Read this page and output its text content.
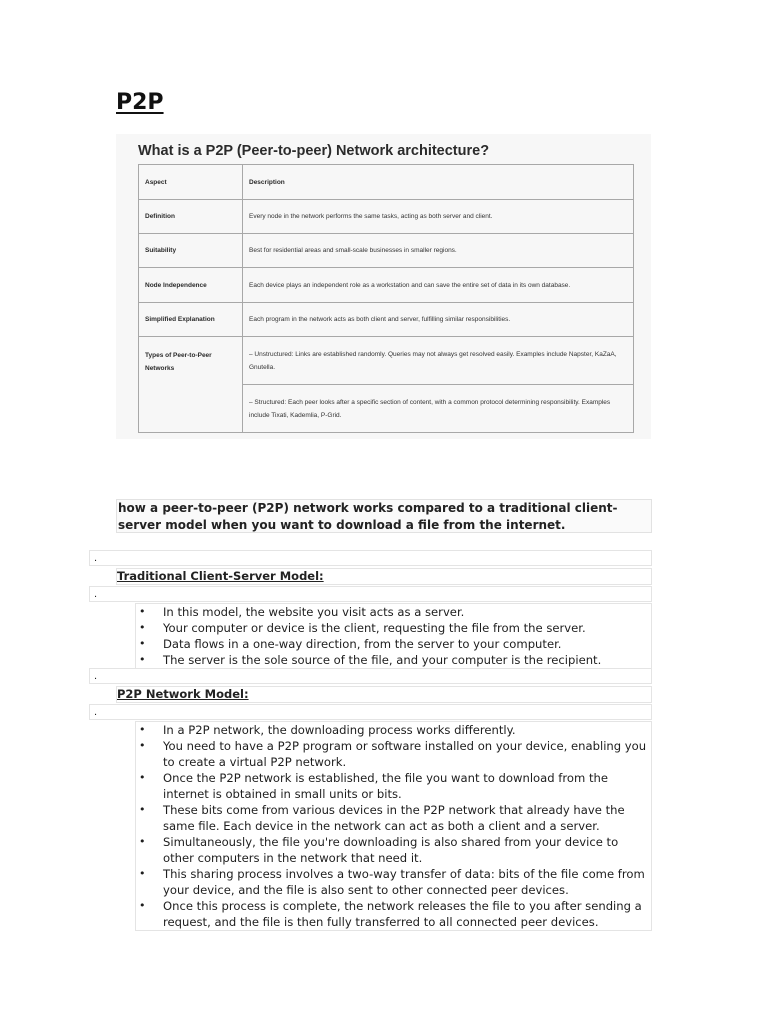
P2P
What is a P2P (Peer-to-peer) Network architecture?
Aspect	Description
Definition	Every node in the network performs the same tasks, acting as both server and client.
Suitability	Best for residential areas and small-scale businesses in smaller regions.
Node Independence	Each device plays an independent role as a workstation and can save the entire set of data in its own database.
Simplified Explanation	Each program in the network acts as both client and server, fulfilling similar responsibilities.
Types of Peer-to-Peer Networks	– Unstructured: Links are established randomly. Queries may not always get resolved easily. Examples include Napster, KaZaA, Gnutella.
	– Structured: Each peer looks after a specific section of content, with a common protocol determining responsibility. Examples include Tixati, Kademlia, P-Grid.

how a peer-to-peer (P2P) network works compared to a traditional client-server model when you want to download a file from the internet.

.

Traditional Client-Server Model:

.
• In this model, the website you visit acts as a server.
• Your computer or device is the client, requesting the file from the server.
• Data flows in a one-way direction, from the server to your computer.
• The server is the sole source of the file, and your computer is the recipient.
.

P2P Network Model:

.
• In a P2P network, the downloading process works differently.
• You need to have a P2P program or software installed on your device, enabling you to create a virtual P2P network.
• Once the P2P network is established, the file you want to download from the internet is obtained in small units or bits.
• These bits come from various devices in the P2P network that already have the same file. Each device in the network can act as both a client and a server.
• Simultaneously, the file you're downloading is also shared from your device to other computers in the network that need it.
• This sharing process involves a two-way transfer of data: bits of the file come from your device, and the file is also sent to other connected peer devices.
• Once this process is complete, the network releases the file to you after sending a request, and the file is then fully transferred to all connected peer devices.
